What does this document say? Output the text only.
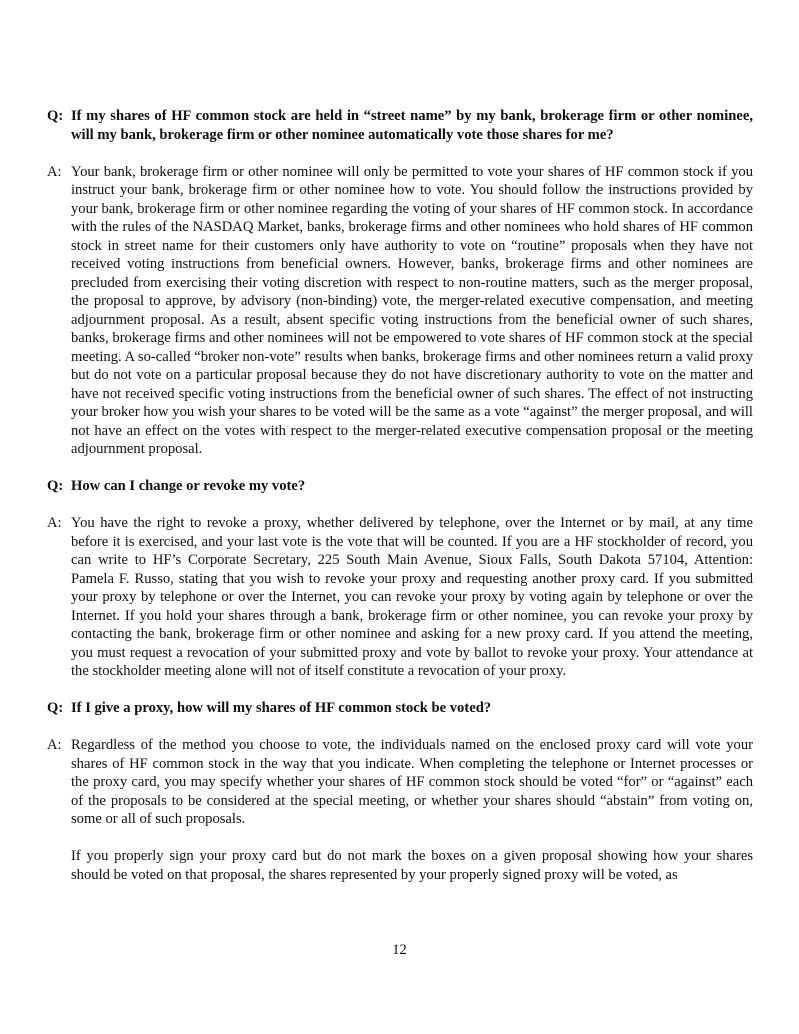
Q: If my shares of HF common stock are held in “street name” by my bank, brokerage firm or other nominee, will my bank, brokerage firm or other nominee automatically vote those shares for me?
A: Your bank, brokerage firm or other nominee will only be permitted to vote your shares of HF common stock if you instruct your bank, brokerage firm or other nominee how to vote. You should follow the instructions provided by your bank, brokerage firm or other nominee regarding the voting of your shares of HF common stock. In accordance with the rules of the NASDAQ Market, banks, brokerage firms and other nominees who hold shares of HF common stock in street name for their customers only have authority to vote on “routine” proposals when they have not received voting instructions from beneficial owners. However, banks, brokerage firms and other nominees are precluded from exercising their voting discretion with respect to non-routine matters, such as the merger proposal, the proposal to approve, by advisory (non-binding) vote, the merger-related executive compensation, and meeting adjournment proposal. As a result, absent specific voting instructions from the beneficial owner of such shares, banks, brokerage firms and other nominees will not be empowered to vote shares of HF common stock at the special meeting. A so-called “broker non-vote” results when banks, brokerage firms and other nominees return a valid proxy but do not vote on a particular proposal because they do not have discretionary authority to vote on the matter and have not received specific voting instructions from the beneficial owner of such shares. The effect of not instructing your broker how you wish your shares to be voted will be the same as a vote “against” the merger proposal, and will not have an effect on the votes with respect to the merger-related executive compensation proposal or the meeting adjournment proposal.
Q: How can I change or revoke my vote?
A: You have the right to revoke a proxy, whether delivered by telephone, over the Internet or by mail, at any time before it is exercised, and your last vote is the vote that will be counted. If you are a HF stockholder of record, you can write to HF’s Corporate Secretary, 225 South Main Avenue, Sioux Falls, South Dakota 57104, Attention: Pamela F. Russo, stating that you wish to revoke your proxy and requesting another proxy card. If you submitted your proxy by telephone or over the Internet, you can revoke your proxy by voting again by telephone or over the Internet. If you hold your shares through a bank, brokerage firm or other nominee, you can revoke your proxy by contacting the bank, brokerage firm or other nominee and asking for a new proxy card. If you attend the meeting, you must request a revocation of your submitted proxy and vote by ballot to revoke your proxy. Your attendance at the stockholder meeting alone will not of itself constitute a revocation of your proxy.
Q: If I give a proxy, how will my shares of HF common stock be voted?
A: Regardless of the method you choose to vote, the individuals named on the enclosed proxy card will vote your shares of HF common stock in the way that you indicate. When completing the telephone or Internet processes or the proxy card, you may specify whether your shares of HF common stock should be voted “for” or “against” each of the proposals to be considered at the special meeting, or whether your shares should “abstain” from voting on, some or all of such proposals.
If you properly sign your proxy card but do not mark the boxes on a given proposal showing how your shares should be voted on that proposal, the shares represented by your properly signed proxy will be voted, as
12
